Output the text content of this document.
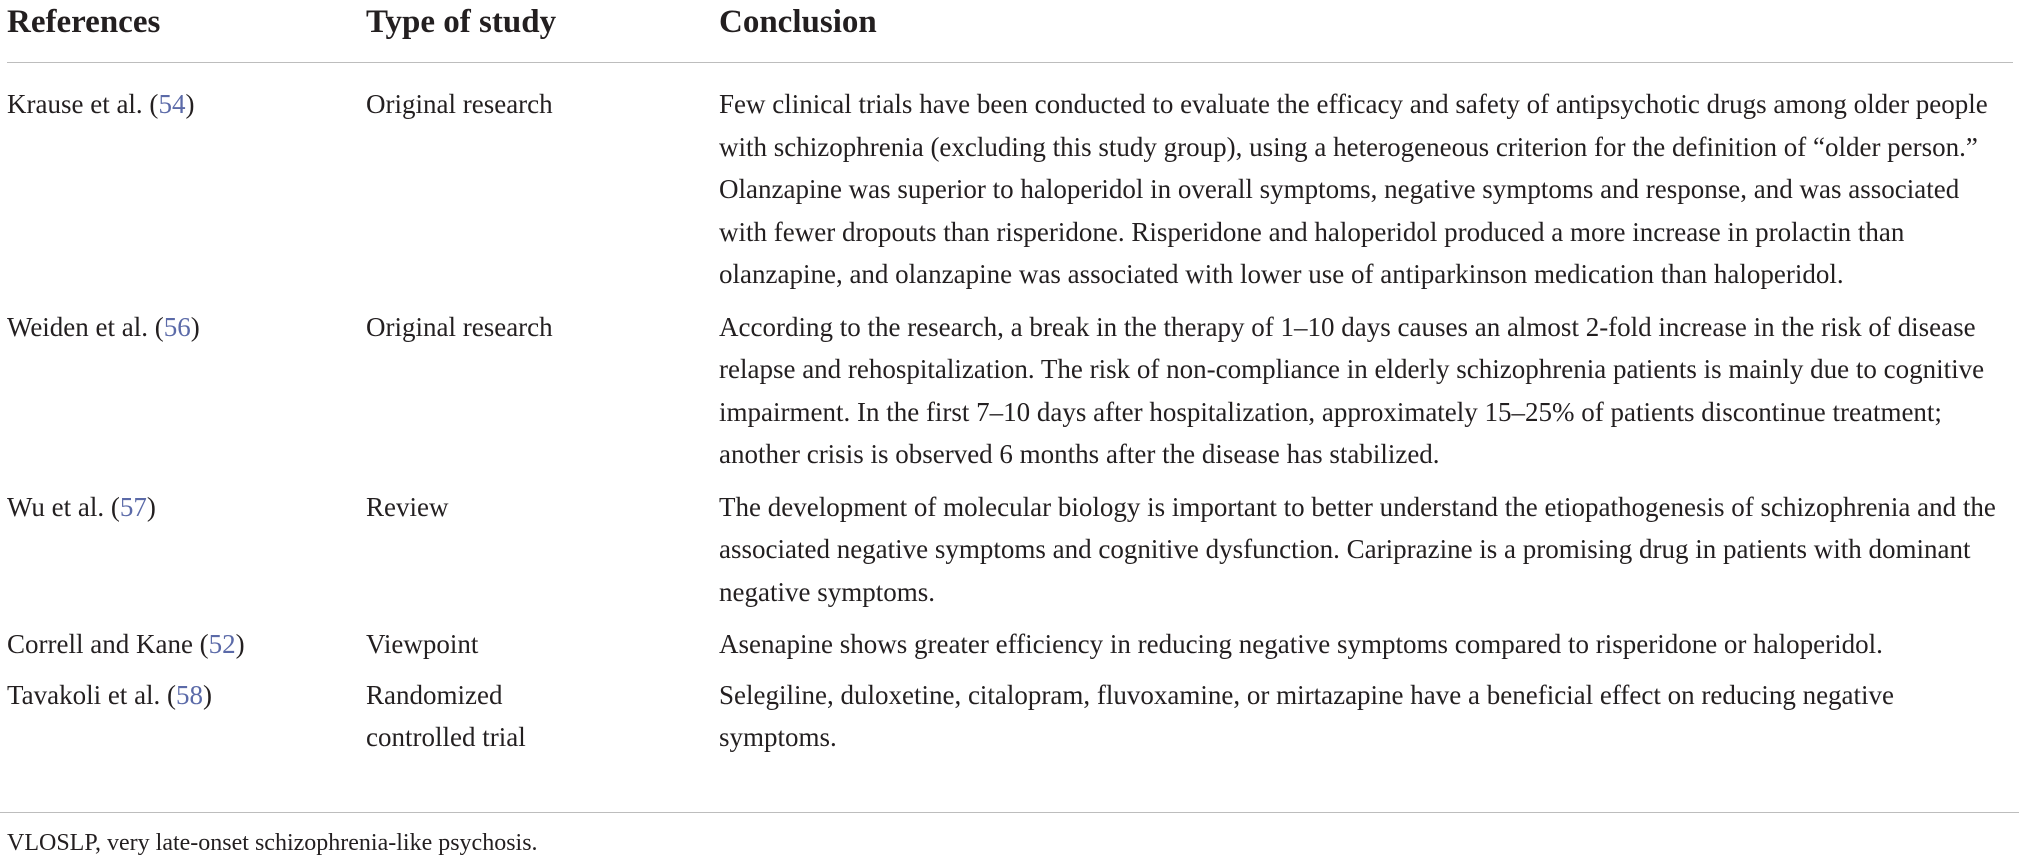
References	Type of study	Conclusion
Krause et al. (54)	Original research	Few clinical trials have been conducted to evaluate the efficacy and safety of antipsychotic drugs among older people with schizophrenia (excluding this study group), using a heterogeneous criterion for the definition of “older person.” Olanzapine was superior to haloperidol in overall symptoms, negative symptoms and response, and was associated with fewer dropouts than risperidone. Risperidone and haloperidol produced a more increase in prolactin than olanzapine, and olanzapine was associated with lower use of antiparkinson medication than haloperidol.
Weiden et al. (56)	Original research	According to the research, a break in the therapy of 1–10 days causes an almost 2-fold increase in the risk of disease relapse and rehospitalization. The risk of non-compliance in elderly schizophrenia patients is mainly due to cognitive impairment. In the first 7–10 days after hospitalization, approximately 15–25% of patients discontinue treatment; another crisis is observed 6 months after the disease has stabilized.
Wu et al. (57)	Review	The development of molecular biology is important to better understand the etiopathogenesis of schizophrenia and the associated negative symptoms and cognitive dysfunction. Cariprazine is a promising drug in patients with dominant negative symptoms.
Correll and Kane (52)	Viewpoint	Asenapine shows greater efficiency in reducing negative symptoms compared to risperidone or haloperidol.
Tavakoli et al. (58)	Randomized controlled trial	Selegiline, duloxetine, citalopram, fluvoxamine, or mirtazapine have a beneficial effect on reducing negative symptoms.
VLOSLP, very late-onset schizophrenia-like psychosis.
